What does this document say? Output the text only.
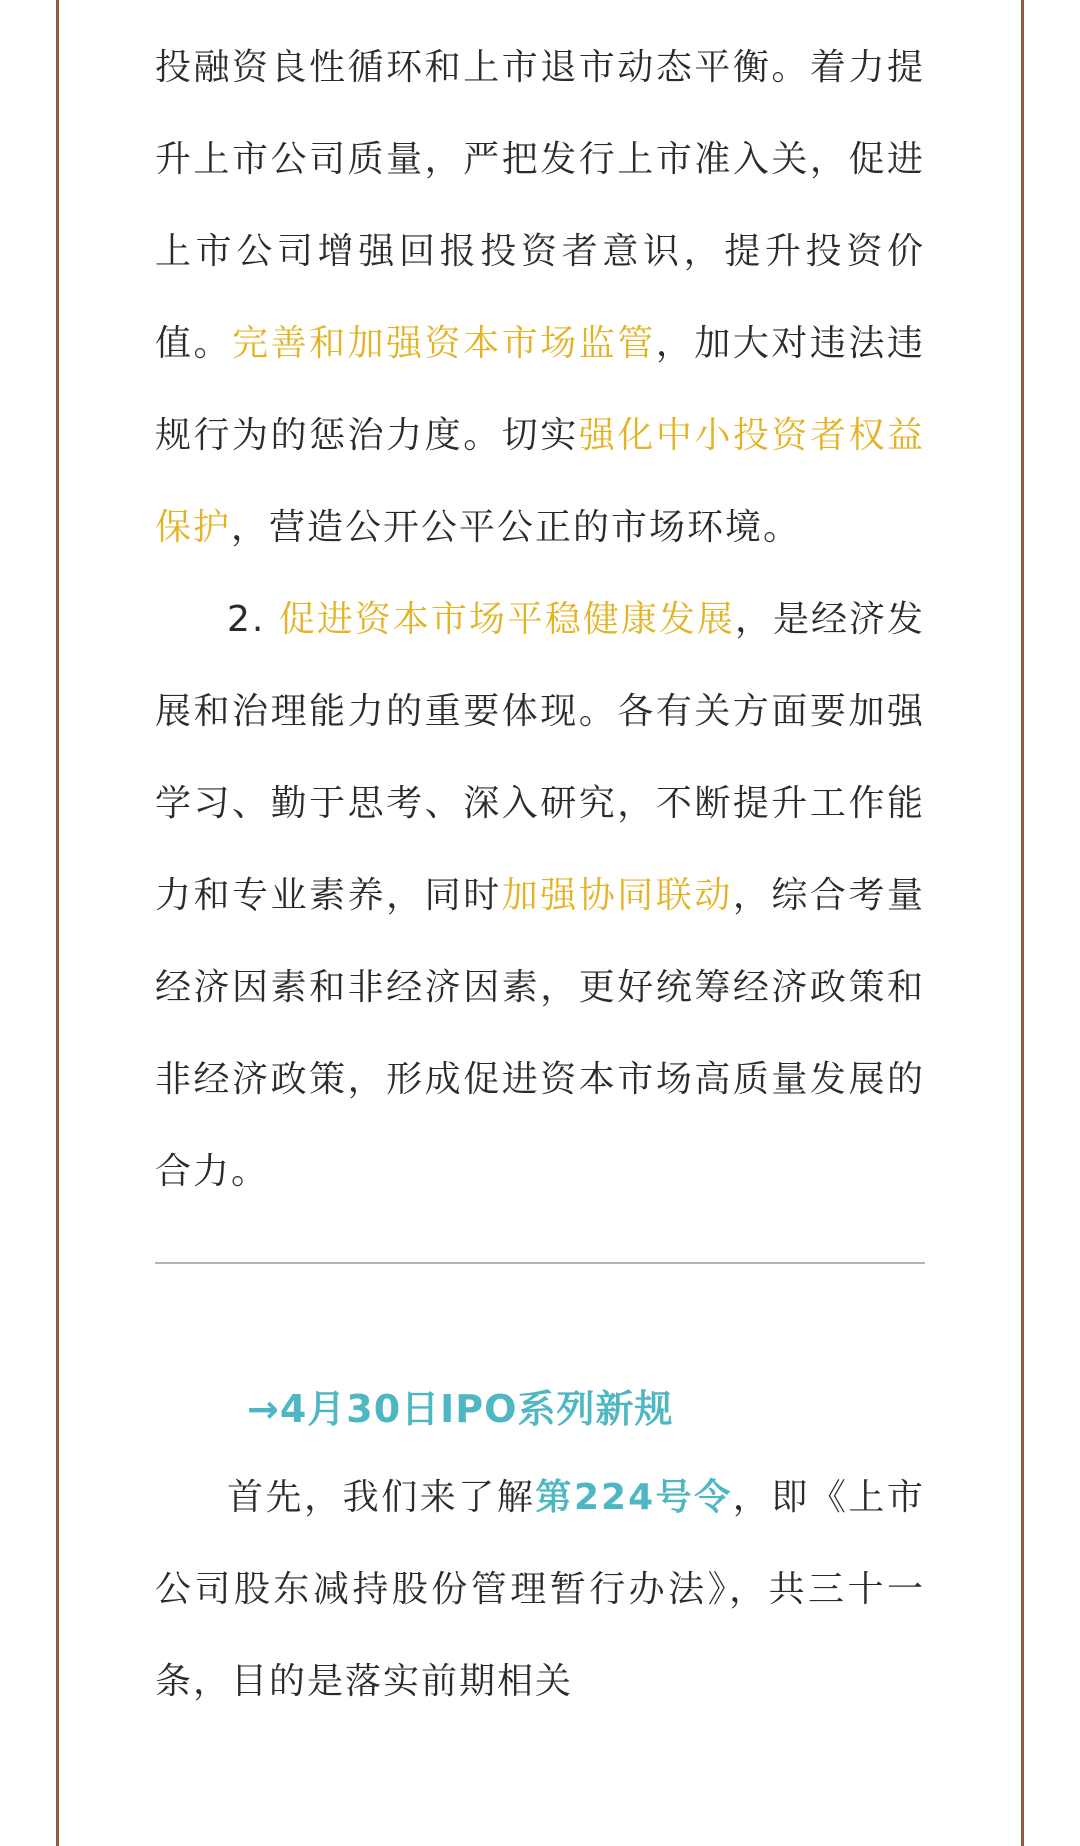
投融资良性循环和上市退市动态平衡。着力提升上市公司质量，严把发行上市准入关，促进上市公司增强回报投资者意识，提升投资价值。完善和加强资本市场监管，加大对违法违规行为的惩治力度。切实强化中小投资者权益保护，营造公开公平公正的市场环境。

2. 促进资本市场平稳健康发展，是经济发展和治理能力的重要体现。各有关方面要加强学习、勤于思考、深入研究，不断提升工作能力和专业素养，同时加强协同联动，综合考量经济因素和非经济因素，更好统筹经济政策和非经济政策，形成促进资本市场高质量发展的合力。

→4月30日IPO系列新规

首先，我们来了解第224号令，即《上市公司股东减持股份管理暂行办法》，共三十一条，目的是落实前期相关
